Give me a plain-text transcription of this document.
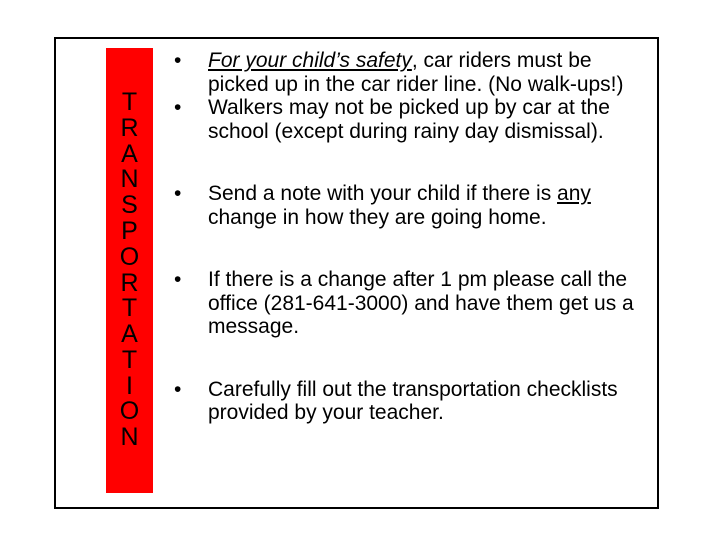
T
R
A
N
S
P
O
R
T
A
T
I
O
N
• For your child’s safety, car riders must be picked up in the car rider line. (No walk-ups!)
• Walkers may not be picked up by car at the school (except during rainy day dismissal).
• Send a note with your child if there is any change in how they are going home.
• If there is a change after 1 pm please call the office (281-641-3000) and have them get us a message.
• Carefully fill out the transportation checklists provided by your teacher.
